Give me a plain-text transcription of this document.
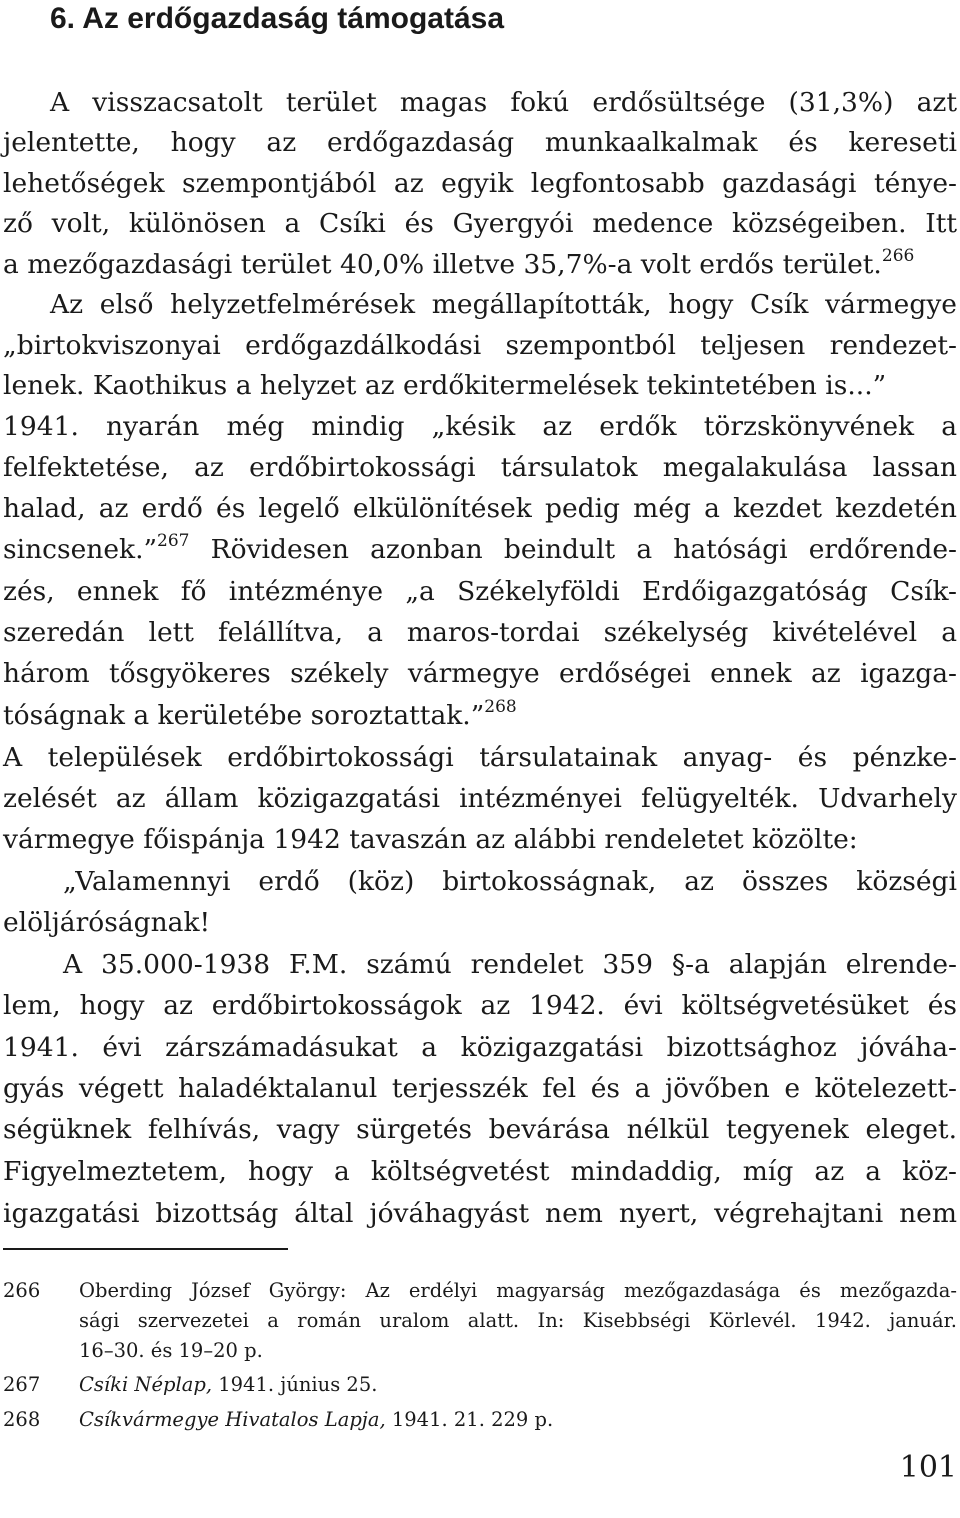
6. Az erdőgazdaság támogatása
A visszacsatolt terület magas fokú erdősültsége (31,3%) azt
jelentette, hogy az erdőgazdaság munkaalkalmak és kereseti
lehetőségek szempontjából az egyik legfontosabb gazdasági ténye-
ző volt, különösen a Csíki és Gyergyói medence községeiben. Itt
a mezőgazdasági terület 40,0% illetve 35,7%-a volt erdős terület.$^{266}$
Az első helyzetfelmérések megállapították, hogy Csík vármegye
„birtokviszonyai erdőgazdálkodási szempontból teljesen rendezet-
lenek. Kaothikus a helyzet az erdőkitermelések tekintetében is...”
1941. nyarán még mindig „késik az erdők törzskönyvének a
felfektetése, az erdőbirtokossági társulatok megalakulása lassan
halad, az erdő és legelő elkülönítések pedig még a kezdet kezdetén
sincsenek.”$^{267}$ Rövidesen azonban beindult a hatósági erdőrende-
zés, ennek fő intézménye „a Székelyföldi Erdőigazgatóság Csík-
szeredán lett felállítva, a maros-tordai székelység kivételével a
három tősgyökeres székely vármegye erdőségei ennek az igazga-
tóságnak a kerületébe soroztattak.”$^{268}$
A települések erdőbirtokossági társulatainak anyag- és pénzke-
zelését az állam közigazgatási intézményei felügyelték. Udvarhely
vármegye főispánja 1942 tavaszán az alábbi rendeletet közölte:
„Valamennyi erdő (köz) birtokosságnak, az összes községi
elöljáróságnak!
A 35.000-1938 F.M. számú rendelet 359 §-a alapján elrende-
lem, hogy az erdőbirtokosságok az 1942. évi költségvetésüket és
1941. évi zárszámadásukat a közigazgatási bizottsághoz jóváha-
gyás végett haladéktalanul terjesszék fel és a jövőben e kötelezett-
ségüknek felhívás, vagy sürgetés bevárása nélkül tegyenek eleget.
Figyelmeztetem, hogy a költségvetést mindaddig, míg az a köz-
igazgatási bizottság által jóváhagyást nem nyert, végrehajtani nem
266 Oberding József György: Az erdélyi magyarság mezőgazdasága és mezőgazda-
sági szervezetei a román uralom alatt. In: Kisebbségi Körlevél. 1942. január.
16–30. és 19–20 p.
267 Csíki Néplap, 1941. június 25.
268 Csíkvármegye Hivatalos Lapja, 1941. 21. 229 p.
101
